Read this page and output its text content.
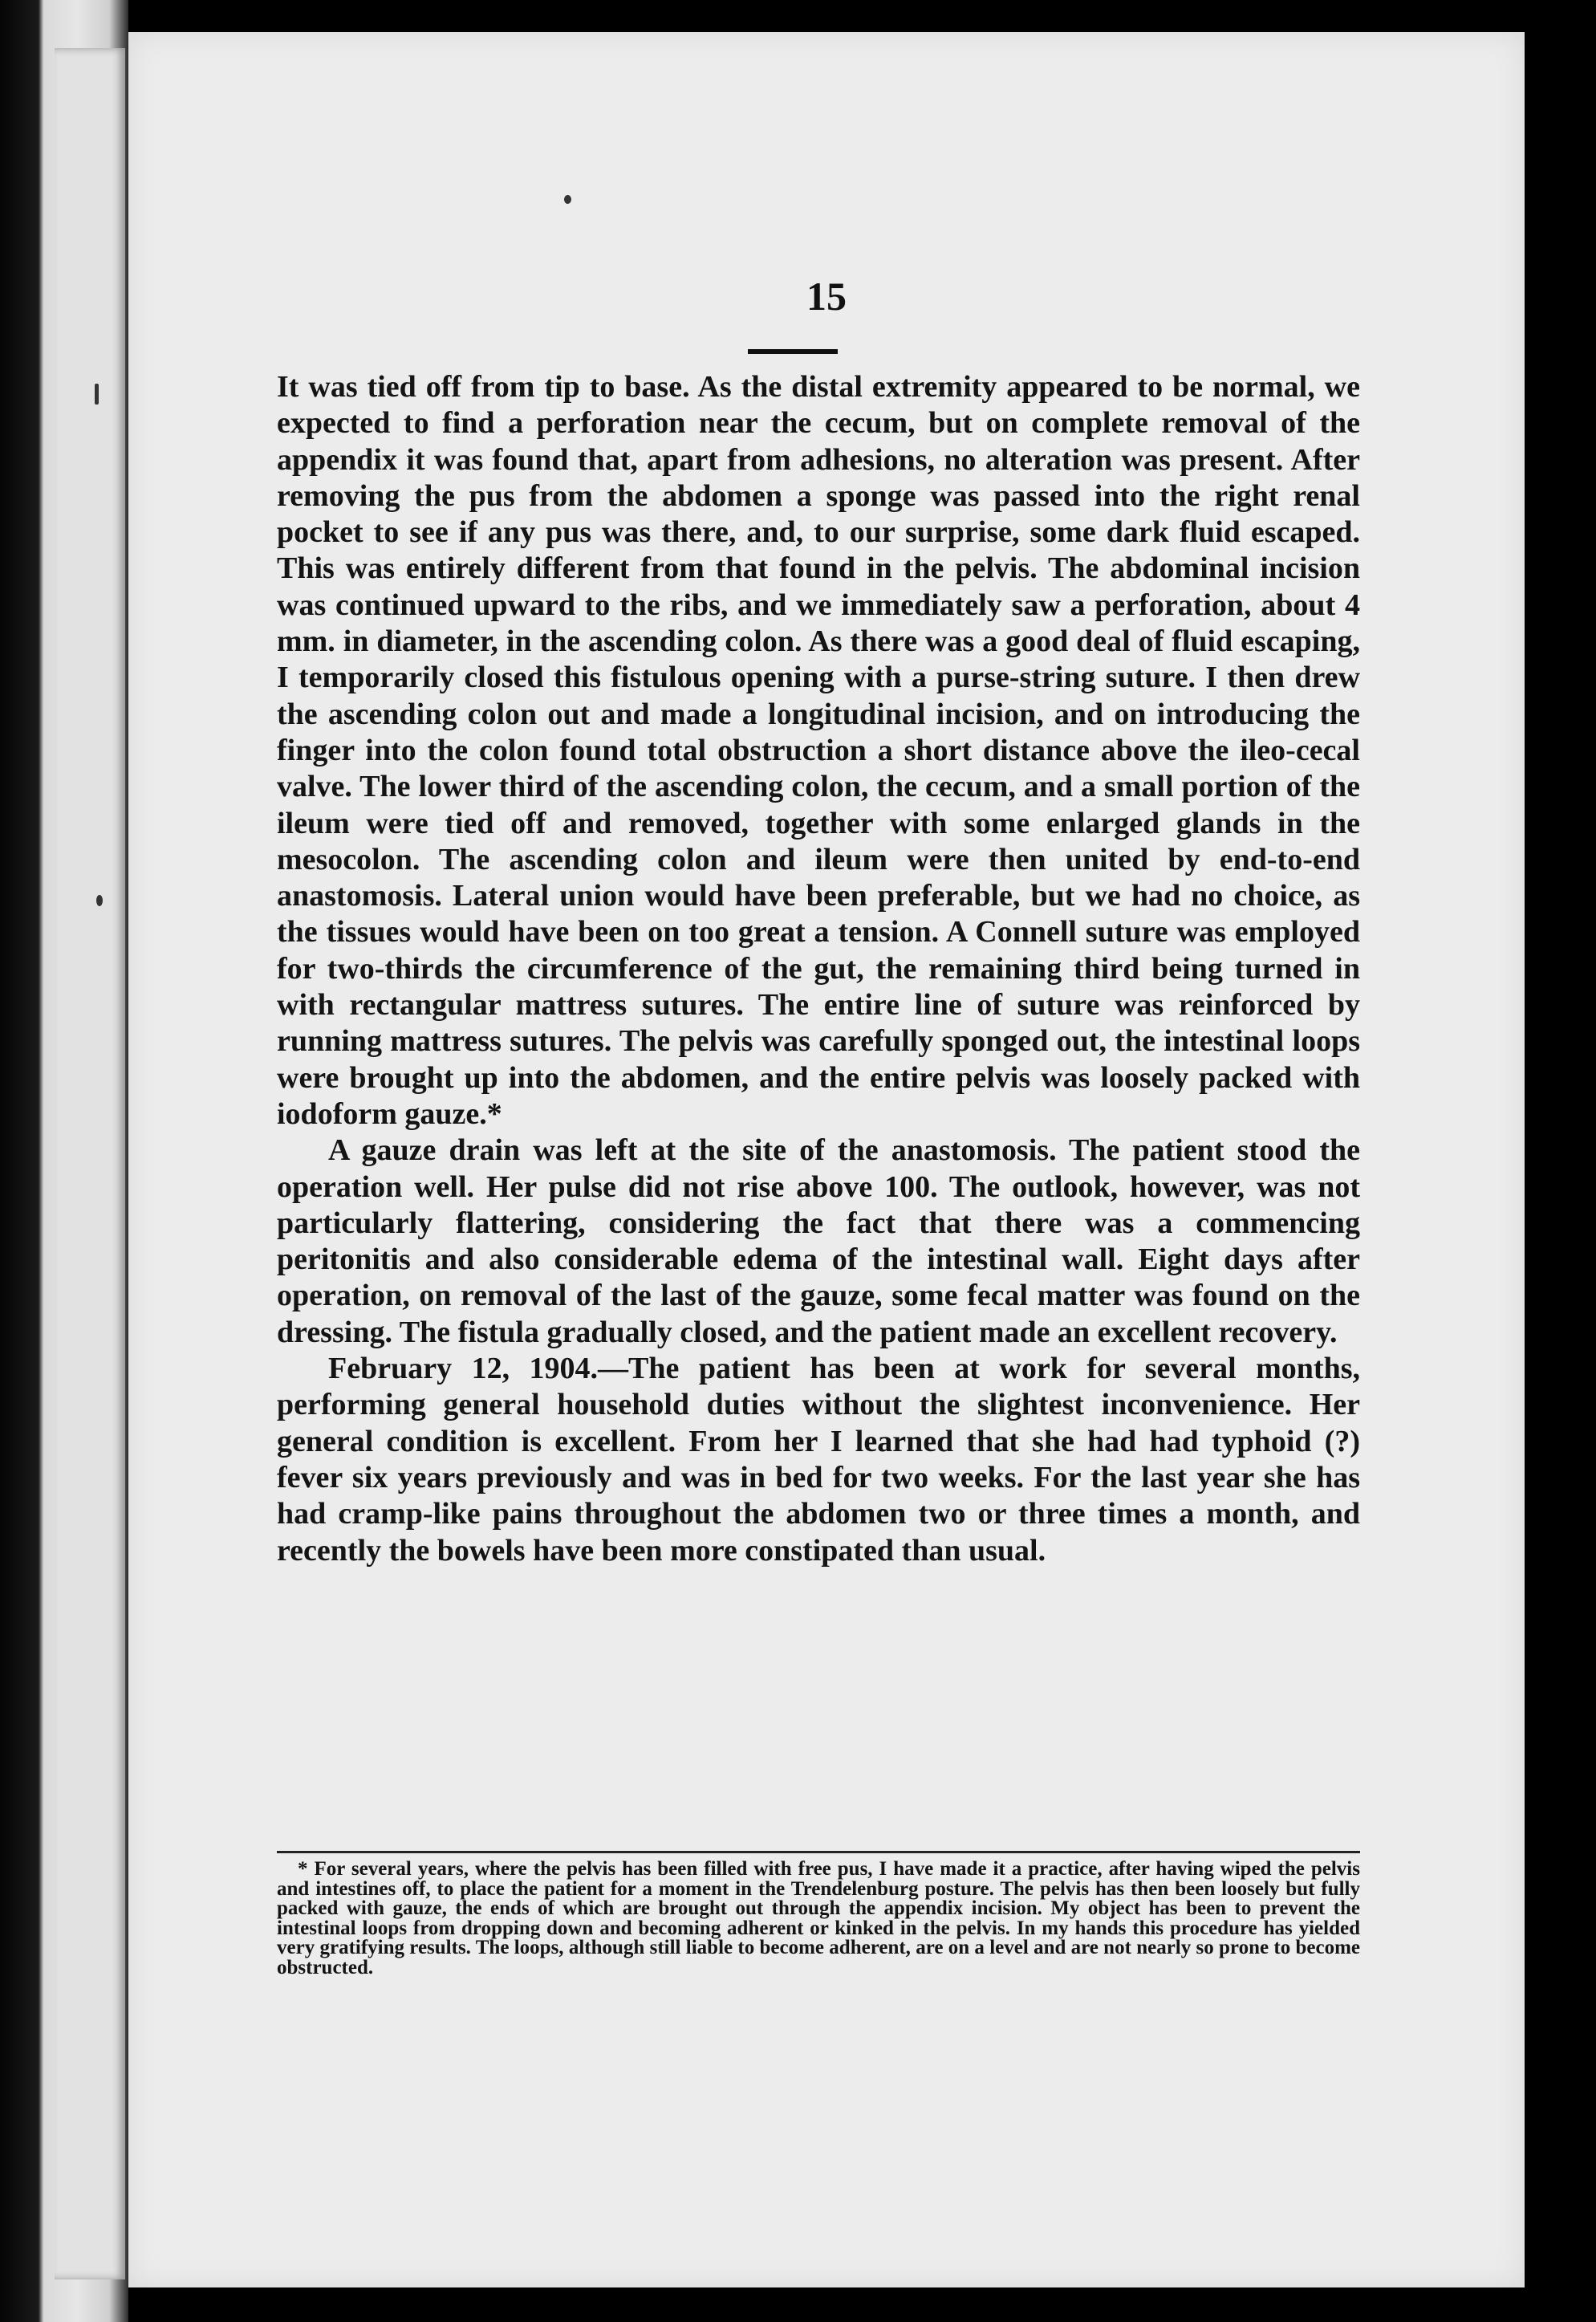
15

It was tied off from tip to base. As the distal extremity appeared to be normal, we expected to find a perforation near the cecum, but on complete removal of the appendix it was found that, apart from adhesions, no alteration was present. After removing the pus from the abdomen a sponge was passed into the right renal pocket to see if any pus was there, and, to our surprise, some dark fluid escaped. This was entirely different from that found in the pelvis. The abdominal incision was continued upward to the ribs, and we immediately saw a perforation, about 4 mm. in diameter, in the ascending colon. As there was a good deal of fluid escaping, I temporarily closed this fistulous opening with a purse-string suture. I then drew the ascending colon out and made a longitudinal incision, and on introducing the finger into the colon found total obstruction a short distance above the ileo-cecal valve. The lower third of the ascending colon, the cecum, and a small portion of the ileum were tied off and removed, together with some enlarged glands in the mesocolon. The ascending colon and ileum were then united by end-to-end anastomosis. Lateral union would have been preferable, but we had no choice, as the tissues would have been on too great a tension. A Connell suture was employed for two-thirds the circumference of the gut, the remaining third being turned in with rectangular mattress sutures. The entire line of suture was reinforced by running mattress sutures. The pelvis was carefully sponged out, the intestinal loops were brought up into the abdomen, and the entire pelvis was loosely packed with iodoform gauze.*

A gauze drain was left at the site of the anastomosis. The patient stood the operation well. Her pulse did not rise above 100. The outlook, however, was not particularly flattering, considering the fact that there was a commencing peritonitis and also considerable edema of the intestinal wall. Eight days after operation, on removal of the last of the gauze, some fecal matter was found on the dressing. The fistula gradually closed, and the patient made an excellent recovery.

February 12, 1904.—The patient has been at work for several months, performing general household duties without the slightest inconvenience. Her general condition is excellent. From her I learned that she had had typhoid (?) fever six years previously and was in bed for two weeks. For the last year she has had cramp-like pains throughout the abdomen two or three times a month, and recently the bowels have been more constipated than usual.

* For several years, where the pelvis has been filled with free pus, I have made it a practice, after having wiped the pelvis and intestines off, to place the patient for a moment in the Trendelenburg posture. The pelvis has then been loosely but fully packed with gauze, the ends of which are brought out through the appendix incision. My object has been to prevent the intestinal loops from dropping down and becoming adherent or kinked in the pelvis. In my hands this procedure has yielded very gratifying results. The loops, although still liable to become adherent, are on a level and are not nearly so prone to become obstructed.
